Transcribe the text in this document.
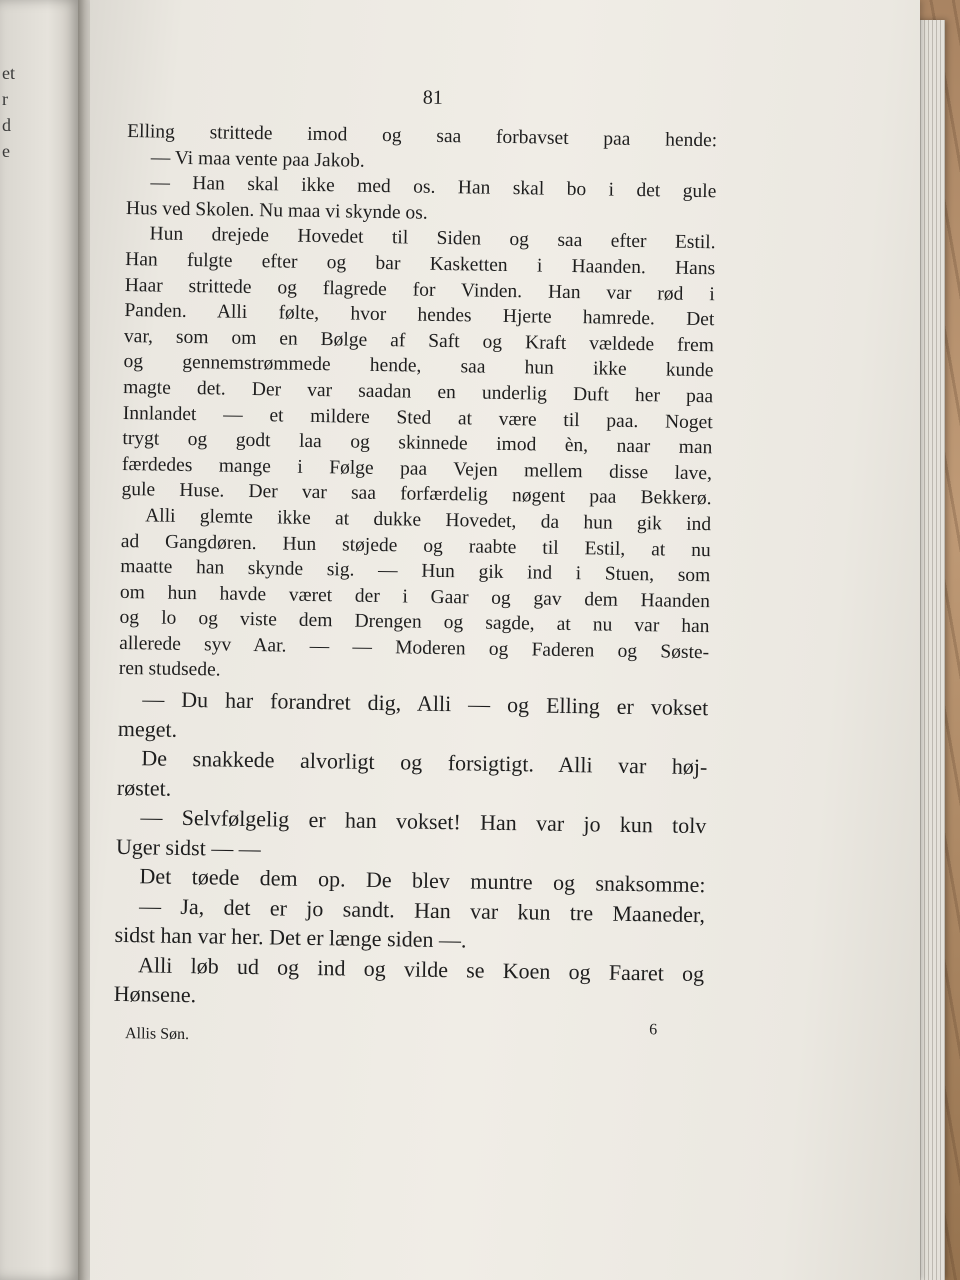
et
r
d
e
81
Elling strittede imod og saa forbavset paa hende:
— Vi maa vente paa Jakob.
— Han skal ikke med os. Han skal bo i det gule
Hus ved Skolen. Nu maa vi skynde os.
Hun drejede Hovedet til Siden og saa efter Estil.
Han fulgte efter og bar Kasketten i Haanden. Hans
Haar strittede og flagrede for Vinden. Han var rød i
Panden. Alli følte, hvor hendes Hjerte hamrede. Det
var, som om en Bølge af Saft og Kraft vældede frem
og gennemstrømmede hende, saa hun ikke kunde
magte det. Der var saadan en underlig Duft her paa
Innlandet — et mildere Sted at være til paa. Noget
trygt og godt laa og skinnede imod èn, naar man
færdedes mange i Følge paa Vejen mellem disse lave,
gule Huse. Der var saa forfærdelig nøgent paa Bekkerø.
Alli glemte ikke at dukke Hovedet, da hun gik ind
ad Gangdøren. Hun støjede og raabte til Estil, at nu
maatte han skynde sig. — Hun gik ind i Stuen, som
om hun havde været der i Gaar og gav dem Haanden
og lo og viste dem Drengen og sagde, at nu var han
allerede syv Aar. — — Moderen og Faderen og Søste-
ren studsede.
— Du har forandret dig, Alli — og Elling er vokset
meget.
De snakkede alvorligt og forsigtigt. Alli var høj-
røstet.
— Selvfølgelig er han vokset! Han var jo kun tolv
Uger sidst — —
Det tøede dem op. De blev muntre og snaksomme:
— Ja, det er jo sandt. Han var kun tre Maaneder,
sidst han var her. Det er længe siden —.
Alli løb ud og ind og vilde se Koen og Faaret og
Hønsene.
Allis Søn.	6
